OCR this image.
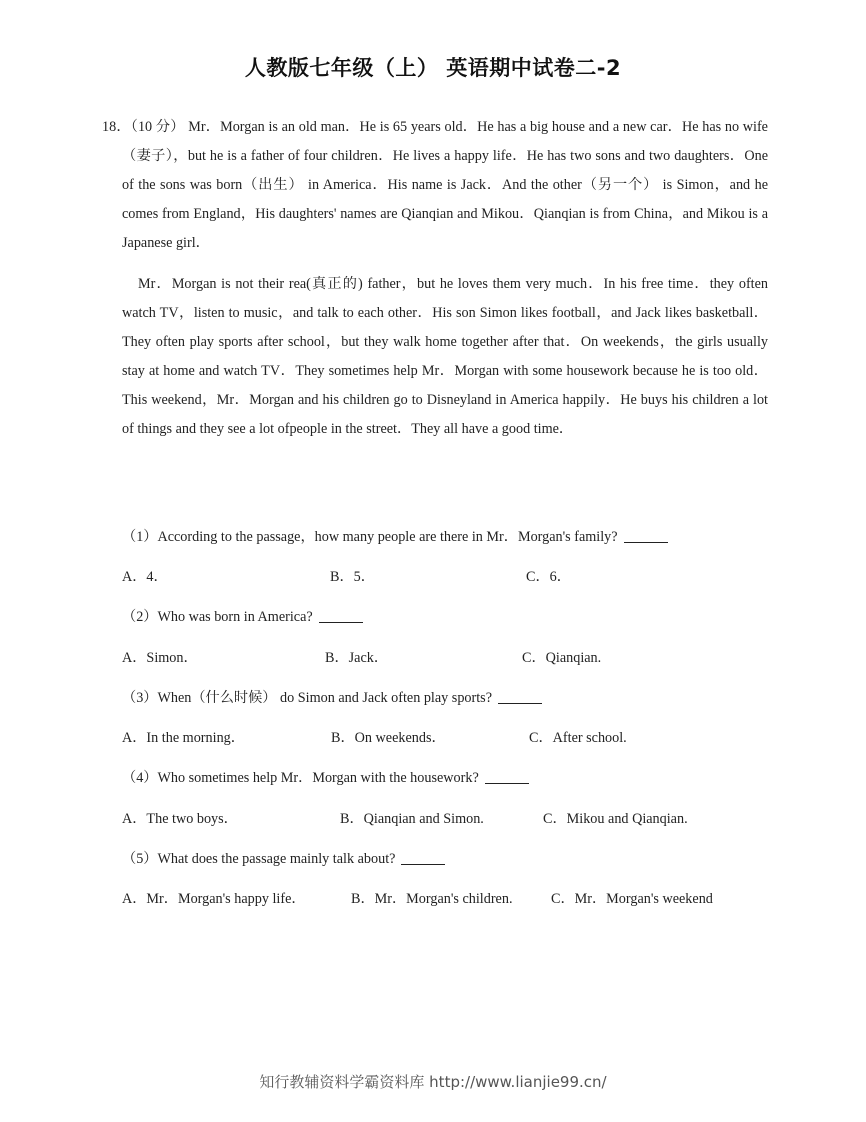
人教版七年级（上） 英语期中试卷二-2

18．（10 分） Mr．Morgan is an old man．He is 65 years old．He has a big house and a new car．He has no wife（妻子），but he is a father of four children．He lives a happy life．He has two sons and two daughters．One of the sons was born（出生） in America．His name is Jack．And the other（另一个） is Simon，and he comes from England，His daughters' names are Qianqian and Mikou．Qianqian is from China，and Mikou is a Japanese girl．

Mr．Morgan is not their rea(真正的) father，but he loves them very much．In his free time．they often watch TV，listen to music，and talk to each other．His son Simon likes football，and Jack likes basketball．They often play sports after school，but they walk home together after that．On weekends，the girls usually stay at home and watch TV．They sometimes help Mr．Morgan with some housework because he is too old．This weekend，Mr．Morgan and his children go to Disneyland in America happily．He buys his children a lot of things and they see a lot ofpeople in the street．They all have a good time．

（1）According to the passage，how many people are there in Mr．Morgan's family?
A．4．	B．5．	C．6．
（2）Who was born in America?
A．Simon．	B．Jack．	C．Qianqian.
（3）When（什么时候） do Simon and Jack often play sports?
A．In the morning．	B．On weekends．	C．After school.
（4）Who sometimes help Mr．Morgan with the housework?
A．The two boys．	B．Qianqian and Simon.	C．Mikou and Qianqian.
（5）What does the passage mainly talk about?
A．Mr．Morgan's happy life．	B．Mr．Morgan's children.	C．Mr．Morgan's weekend
知行教辅资料学霸资料库 http://www.lianjie99.cn/
